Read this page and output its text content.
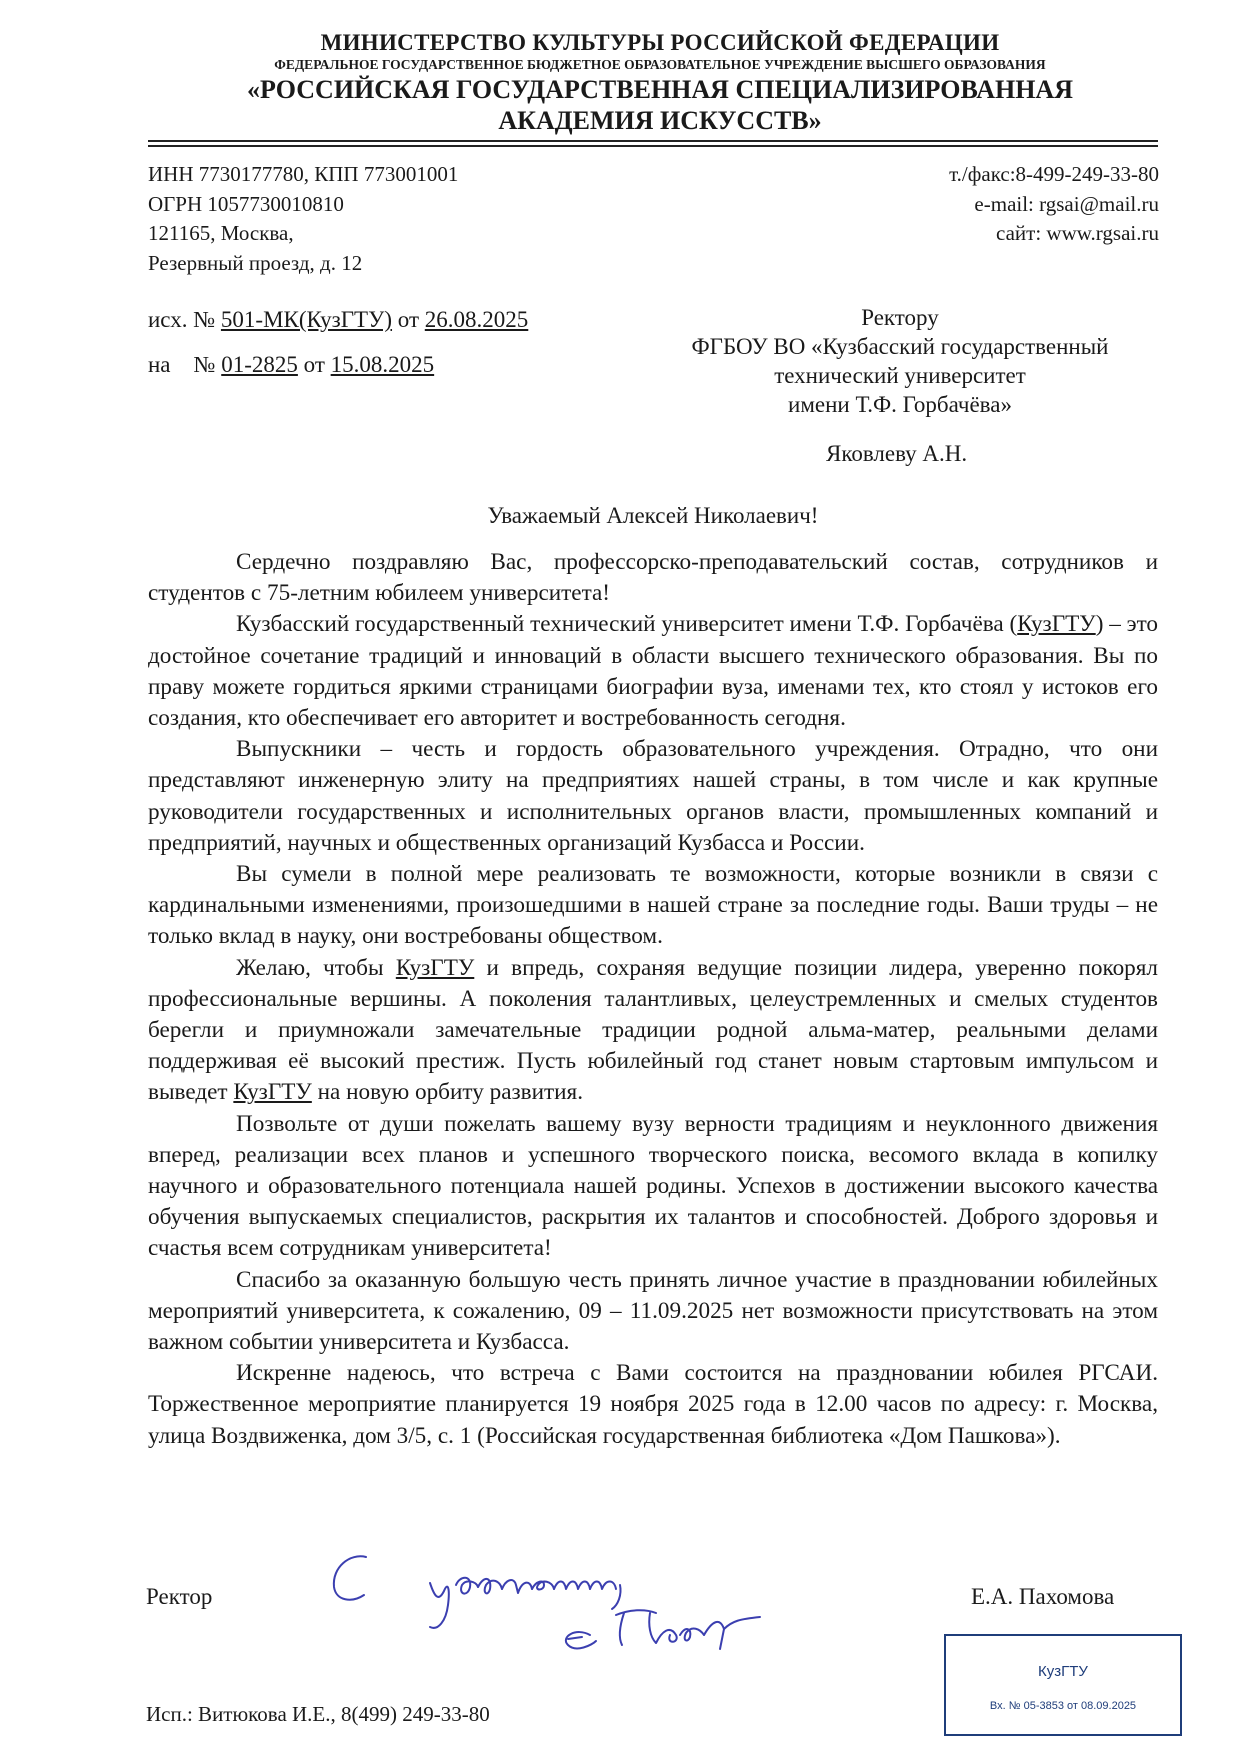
МИНИСТЕРСТВО КУЛЬТУРЫ РОССИЙСКОЙ ФЕДЕРАЦИИ
ФЕДЕРАЛЬНОЕ ГОСУДАРСТВЕННОЕ БЮДЖЕТНОЕ ОБРАЗОВАТЕЛЬНОЕ УЧРЕЖДЕНИЕ ВЫСШЕГО ОБРАЗОВАНИЯ
«РОССИЙСКАЯ ГОСУДАРСТВЕННАЯ СПЕЦИАЛИЗИРОВАННАЯ
АКАДЕМИЯ ИСКУССТВ»
ИНН 7730177780, КПП 773001001
ОГРН 1057730010810
121165, Москва,
Резервный проезд, д. 12
т./факс:8-499-249-33-80
e-mail: rgsai@mail.ru
сайт: www.rgsai.ru
исх. № 501-МК(КузГТУ) от 26.08.2025
на    № 01-2825 от 15.08.2025
Ректору
ФГБОУ ВО «Кузбасский государственный
технический университет
имени Т.Ф. Горбачёва»
Яковлеву А.Н.
Уважаемый Алексей Николаевич!

Сердечно поздравляю Вас, профессорско-преподавательский состав, сотрудников и студентов с 75-летним юбилеем университета!

Кузбасский государственный технический университет имени Т.Ф. Горбачёва (КузГТУ) – это достойное сочетание традиций и инноваций в области высшего технического образования. Вы по праву можете гордиться яркими страницами биографии вуза, именами тех, кто стоял у истоков его создания, кто обеспечивает его авторитет и востребованность сегодня.

Выпускники – честь и гордость образовательного учреждения. Отрадно, что они представляют инженерную элиту на предприятиях нашей страны, в том числе и как крупные руководители государственных и исполнительных органов власти, промышленных компаний и предприятий, научных и общественных организаций Кузбасса и России.

Вы сумели в полной мере реализовать те возможности, которые возникли в связи с кардинальными изменениями, произошедшими в нашей стране за последние годы. Ваши труды – не только вклад в науку, они востребованы обществом.

Желаю, чтобы КузГТУ и впредь, сохраняя ведущие позиции лидера, уверенно покорял профессиональные вершины. А поколения талантливых, целеустремленных и смелых студентов берегли и приумножали замечательные традиции родной альма-матер, реальными делами поддерживая её высокий престиж. Пусть юбилейный год станет новым стартовым импульсом и выведет КузГТУ на новую орбиту развития.

Позвольте от души пожелать вашему вузу верности традициям и неуклонного движения вперед, реализации всех планов и успешного творческого поиска, весомого вклада в копилку научного и образовательного потенциала нашей родины. Успехов в достижении высокого качества обучения выпускаемых специалистов, раскрытия их талантов и способностей. Доброго здоровья и счастья всем сотрудникам университета!

Спасибо за оказанную большую честь принять личное участие в праздновании юбилейных мероприятий университета, к сожалению, 09 – 11.09.2025 нет возможности присутствовать на этом важном событии университета и Кузбасса.

Искренне надеюсь, что встреча с Вами состоится на праздновании юбилея РГСАИ. Торжественное мероприятие планируется 19 ноября 2025 года в 12.00 часов по адресу: г. Москва, улица Воздвиженка, дом 3/5, с. 1 (Российская государственная библиотека «Дом Пашкова»).

Ректор	Е.А. Пахомова
КузГТУ
Вх. № 05-3853 от 08.09.2025
Исп.: Витюкова И.Е., 8(499) 249-33-80
